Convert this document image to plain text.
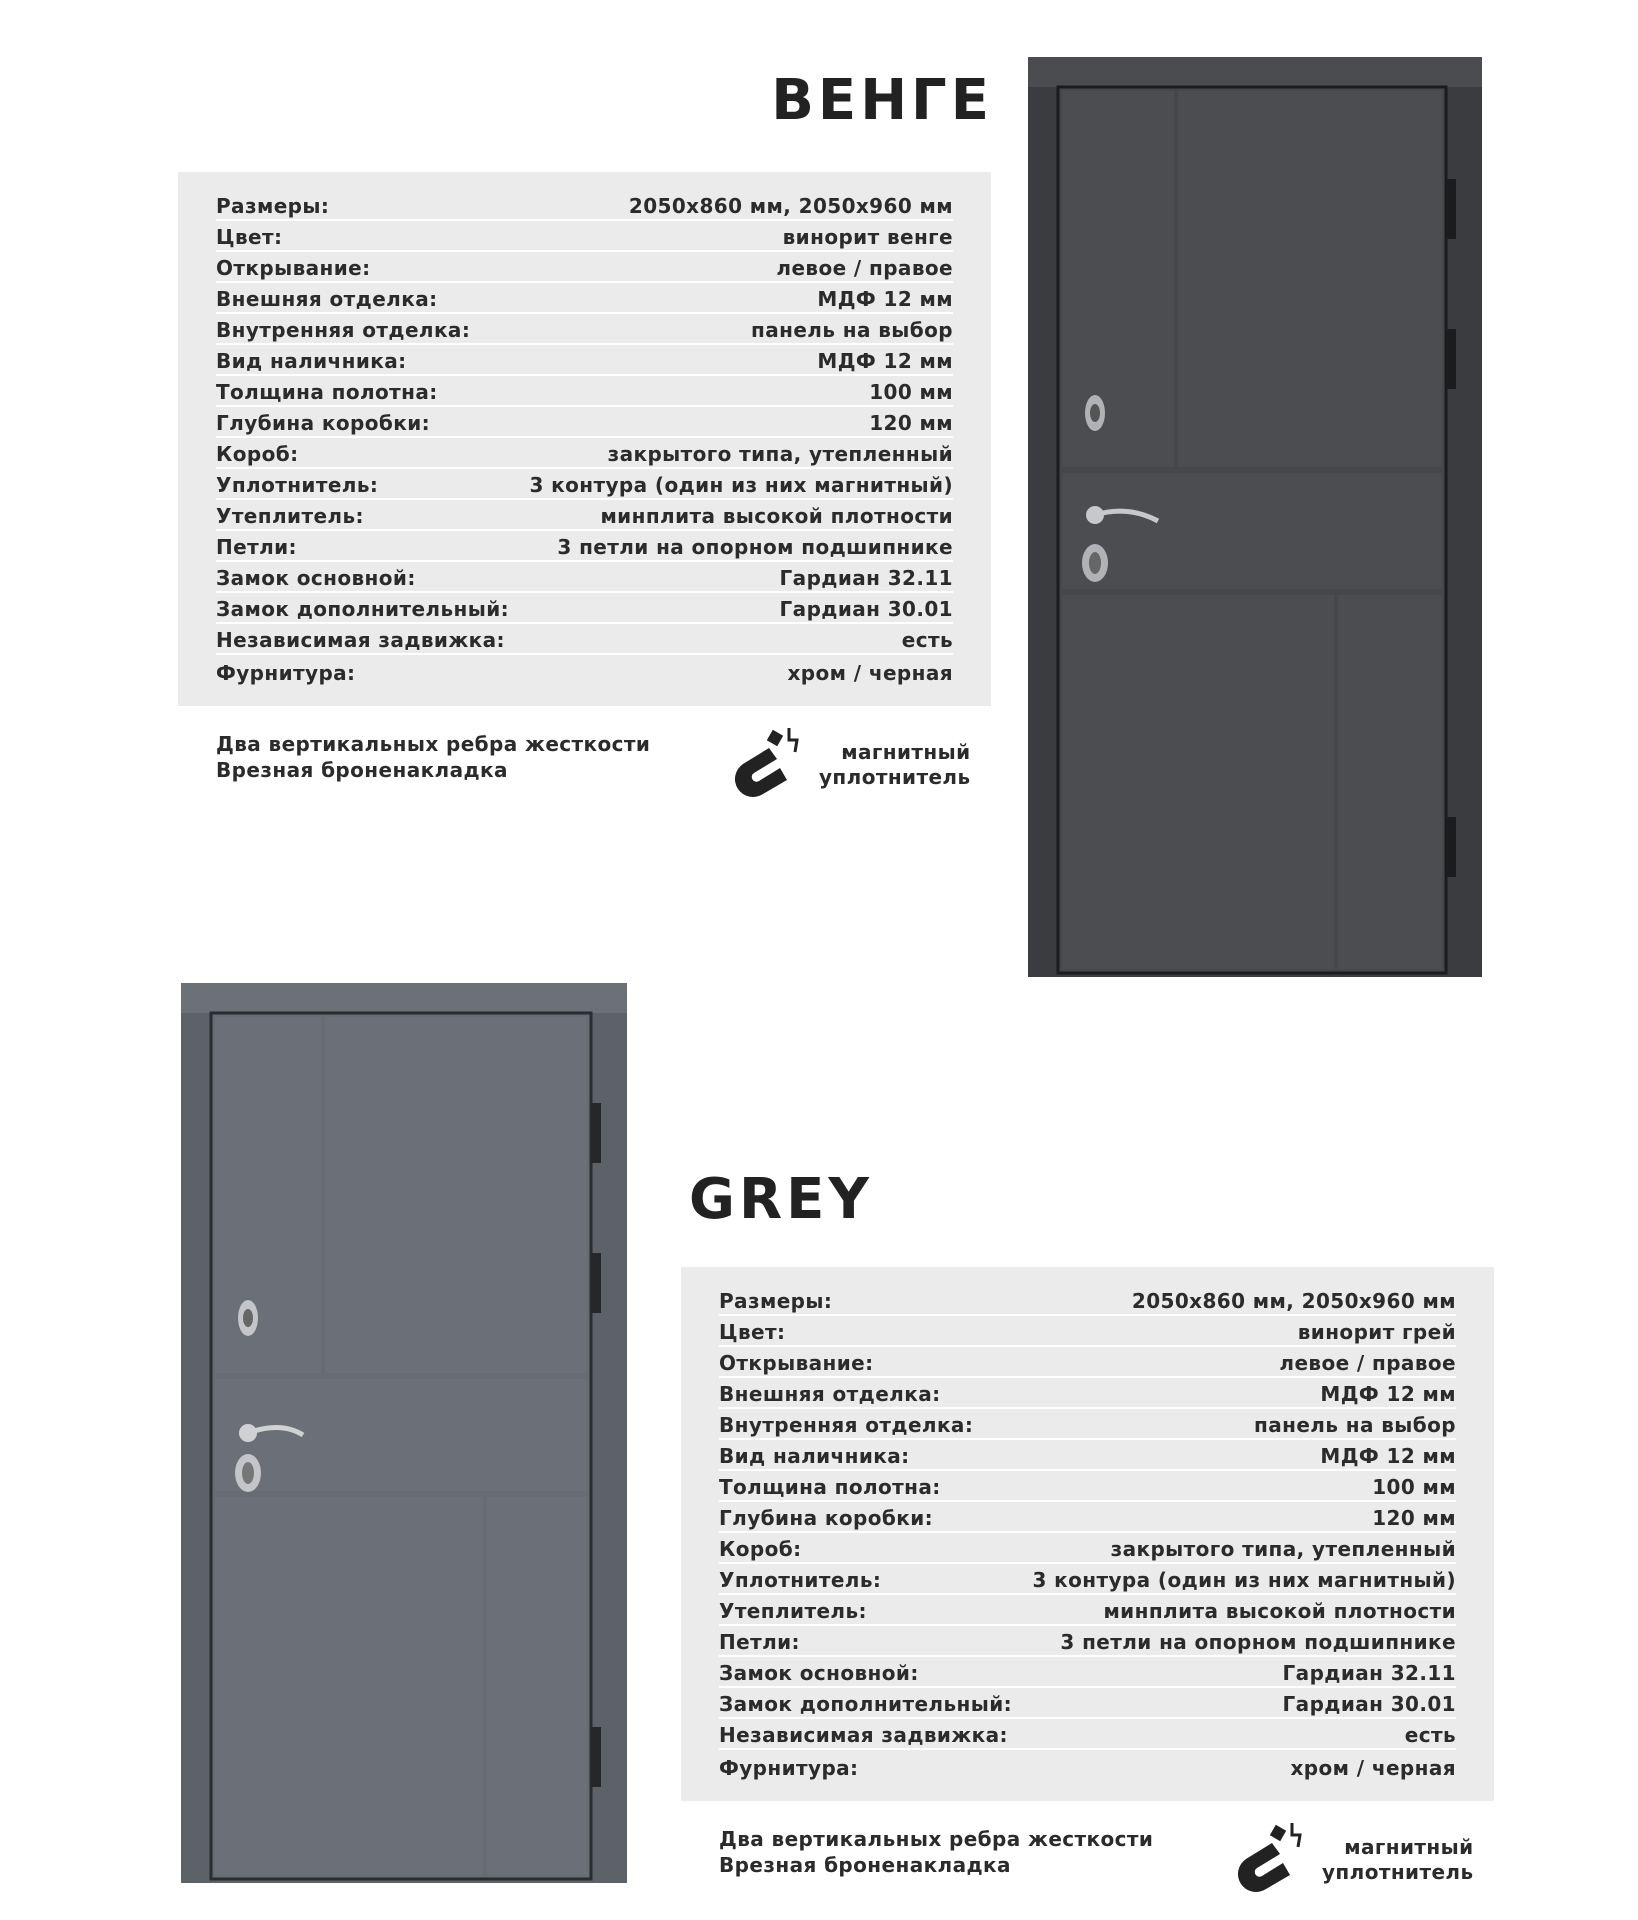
ВЕНГЕ
Размеры:	2050х860 мм, 2050х960 мм
Цвет:	винорит венге
Открывание:	левое / правое
Внешняя отделка:	МДФ 12 мм
Внутренняя отделка:	панель на выбор
Вид наличника:	МДФ 12 мм
Толщина полотна:	100 мм
Глубина коробки:	120 мм
Короб:	закрытого типа, утепленный
Уплотнитель:	3 контура (один из них магнитный)
Утеплитель:	минплита высокой плотности
Петли:	3 петли на опорном подшипнике
Замок основной:	Гардиан 32.11
Замок дополнительный:	Гардиан 30.01
Независимая задвижка:	есть
Фурнитура:	хром / черная
Два вертикальных ребра жесткости
Врезная броненакладка
магнитный
уплотнитель
GREY
Размеры:	2050х860 мм, 2050х960 мм
Цвет:	винорит грей
Открывание:	левое / правое
Внешняя отделка:	МДФ 12 мм
Внутренняя отделка:	панель на выбор
Вид наличника:	МДФ 12 мм
Толщина полотна:	100 мм
Глубина коробки:	120 мм
Короб:	закрытого типа, утепленный
Уплотнитель:	3 контура (один из них магнитный)
Утеплитель:	минплита высокой плотности
Петли:	3 петли на опорном подшипнике
Замок основной:	Гардиан 32.11
Замок дополнительный:	Гардиан 30.01
Независимая задвижка:	есть
Фурнитура:	хром / черная
Два вертикальных ребра жесткости
Врезная броненакладка
магнитный
уплотнитель
